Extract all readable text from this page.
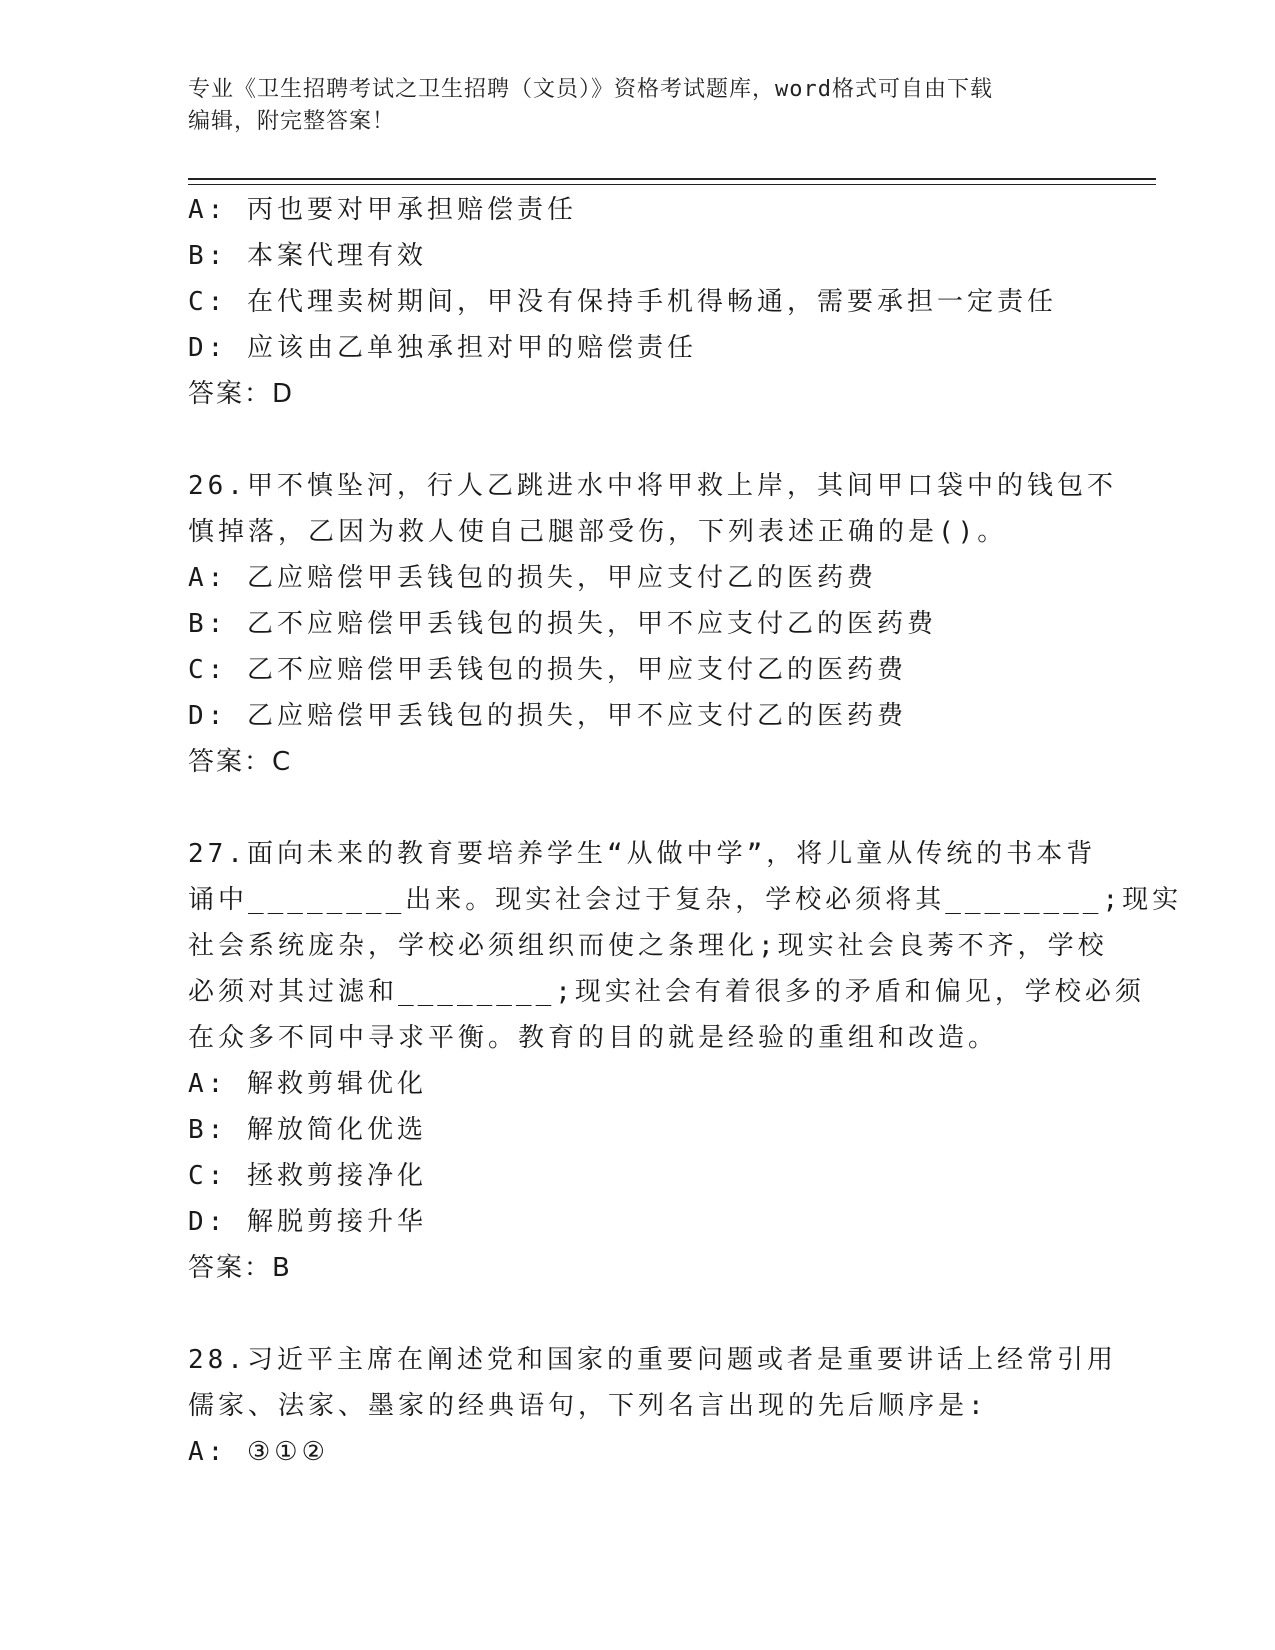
专业《卫生招聘考试之卫生招聘（文员）》资格考试题库，word格式可自由下载
编辑，附完整答案！
A: 丙也要对甲承担赔偿责任
B: 本案代理有效
C: 在代理卖树期间，甲没有保持手机得畅通，需要承担一定责任
D: 应该由乙单独承担对甲的赔偿责任
答案：D
26.甲不慎坠河，行人乙跳进水中将甲救上岸，其间甲口袋中的钱包不
慎掉落，乙因为救人使自己腿部受伤，下列表述正确的是()。
A: 乙应赔偿甲丢钱包的损失，甲应支付乙的医药费
B: 乙不应赔偿甲丢钱包的损失，甲不应支付乙的医药费
C: 乙不应赔偿甲丢钱包的损失，甲应支付乙的医药费
D: 乙应赔偿甲丢钱包的损失，甲不应支付乙的医药费
答案：C
27.面向未来的教育要培养学生“从做中学”，将儿童从传统的书本背
诵中________出来。现实社会过于复杂，学校必须将其________;现实
社会系统庞杂，学校必须组织而使之条理化;现实社会良莠不齐，学校
必须对其过滤和________;现实社会有着很多的矛盾和偏见，学校必须
在众多不同中寻求平衡。教育的目的就是经验的重组和改造。
A: 解救剪辑优化
B: 解放简化优选
C: 拯救剪接净化
D: 解脱剪接升华
答案：B
28.习近平主席在阐述党和国家的重要问题或者是重要讲话上经常引用
儒家、法家、墨家的经典语句，下列名言出现的先后顺序是:
A: ③①②
